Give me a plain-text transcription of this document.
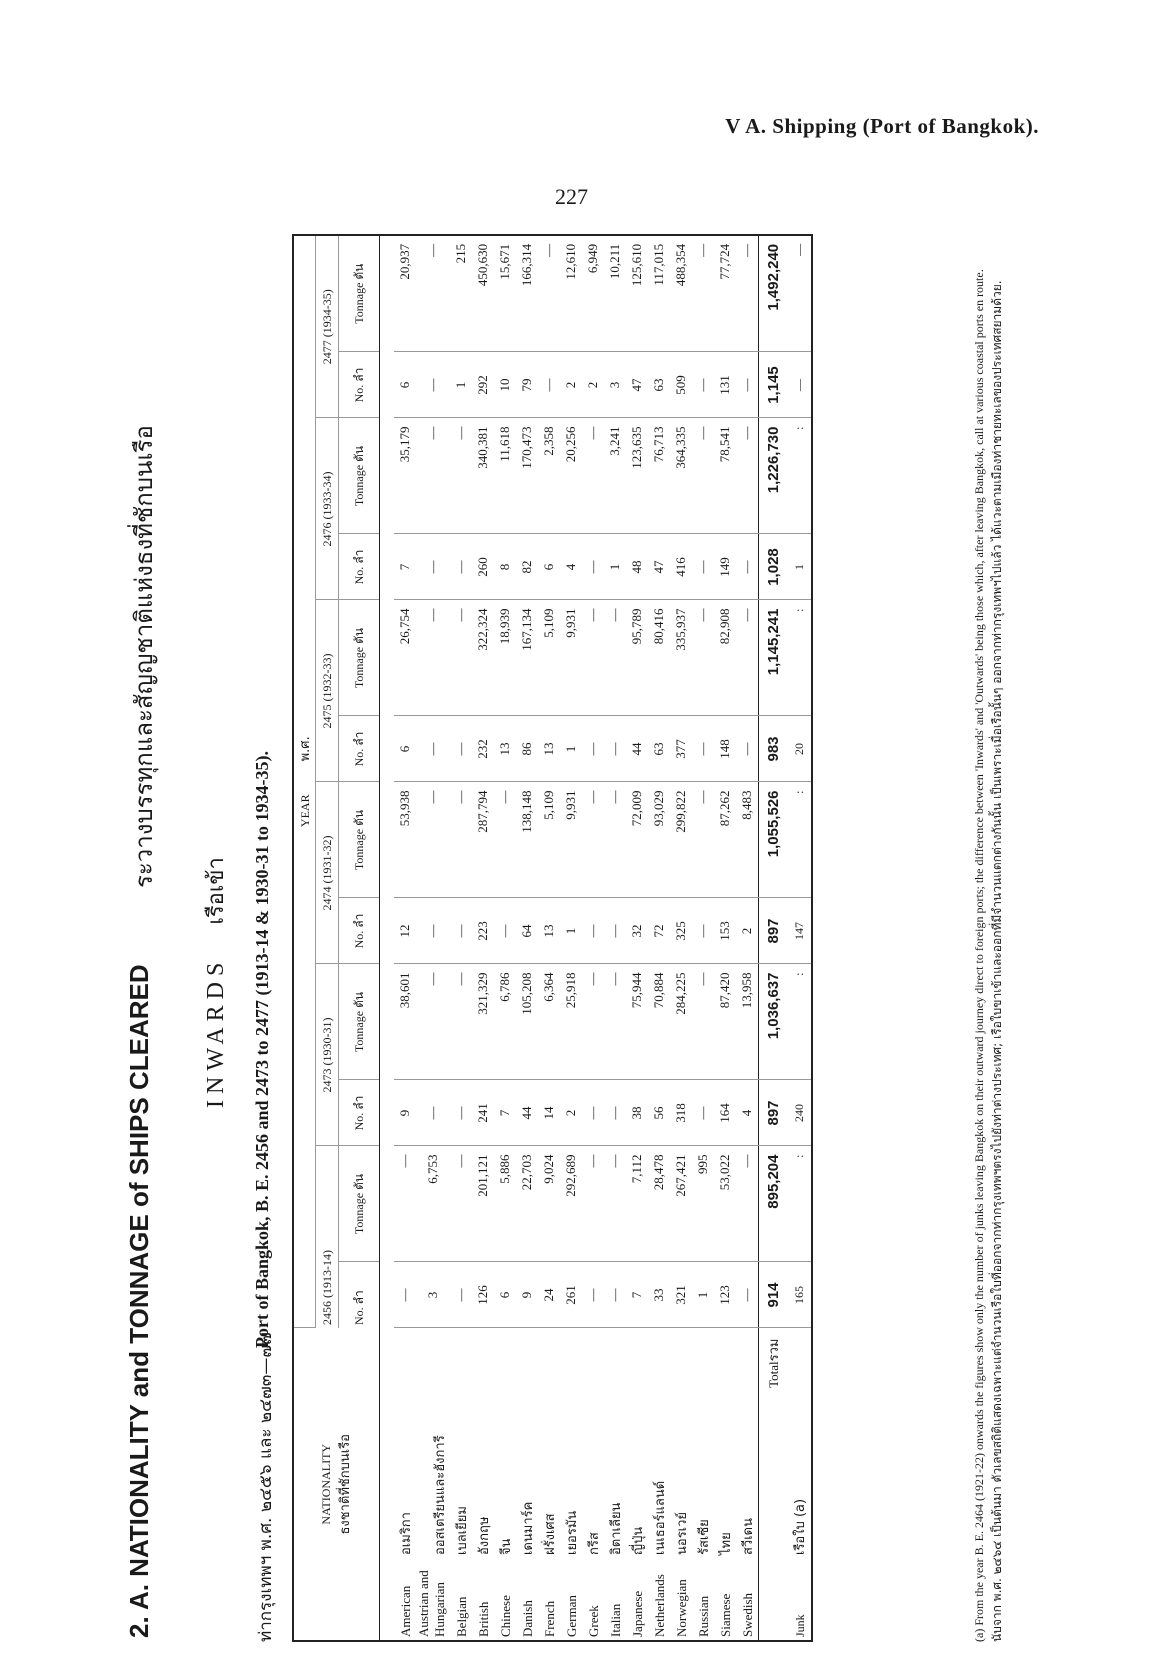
V A. Shipping (Port of Bangkok).
227
2. A. NATIONALITY and TONNAGE of SHIPS CLEARED
ระวางบรรทุกและสัญญชาติแห่งธงที่ชักบนเรือ
INWARDS เรือเข้า
ท่ากรุงเทพฯ พ.ศ. ๒๔๕๖ และ ๒๔๗๓—๗๗
Port of Bangkok, B. E. 2456 and 2473 to 2477 (1913-14 & 1930-31 to 1934-35).
NATIONALITY ธงชาติที่ชักบนเรือ	YEAR พ.ศ.											
	2456 (1913-14)		2473 (1930-31)		2474 (1931-32)		2475 (1932-33)		2476 (1933-34)		2477 (1934-35)	
	No. ลำ	Tonnage ตัน	No. ลำ	Tonnage ตัน	No. ลำ	Tonnage ตัน	No. ลำ	Tonnage ตัน	No. ลำ	Tonnage ตัน	No. ลำ	Tonnage ตัน

Americanอเมริกา	—	—	9	38,601	12	53,938	6	26,754	7	35,179	6	20,937
Austrian and Hungarianออสเตรียนและฮังการี	3	6,753	—	—	—	—	—	—	—	—	—	—
Belgianเบลเยียม	—	—	—	—	—	—	—	—	—	—	1	215
Britishอังกฤษ	126	201,121	241	321,329	223	287,794	232	322,324	260	340,381	292	450,630
Chineseจีน	6	5,886	7	6,786	—	—	13	18,939	8	11,618	10	15,671
Danishเดนมาร์ค	9	22,703	44	105,208	64	138,148	86	167,134	82	170,473	79	166,314
Frenchฝรั่งเศส	24	9,024	14	6,364	13	5,109	13	5,109	6	2,358	—	—
Germanเยอรมัน	261	292,689	2	25,918	1	9,931	1	9,931	4	20,256	2	12,610
Greekกรีส	—	—	—	—	—	—	—	—	—	—	2	6,949
Italianอิตาเลียน	—	—	—	—	—	—	—	—	1	3,241	3	10,211
Japaneseญี่ปุ่น	7	7,112	38	75,944	32	72,009	44	95,789	48	123,635	47	125,610
Netherlandsเนเธอร์แลนด์	33	28,478	56	70,884	72	93,029	63	80,416	47	76,713	63	117,015
Norwegianนอรเวย์	321	267,421	318	284,225	325	299,822	377	335,937	416	364,335	509	488,354
Russianรัสเซีย	1	995	—	—	—	—	—	—	—	—	—	—
Siameseไทย	123	53,022	164	87,420	153	87,262	148	82,908	149	78,541	131	77,724
Swedishสวีเดน	—	—	4	13,958	2	8,483	—	—	—	—	—	—
Totalรวม	914	895,204	897	1,036,637	897	1,055,526	983	1,145,241	1,028	1,226,730	1,145	1,492,240
Junkเรือใบ (a)	165	:	240	:	147	:	20	:	1	:	—	—
(a) From the year B. E. 2464 (1921-22) onwards the figures show only the number of junks leaving Bangkok on their outward journey direct to foreign ports; the difference between 'Inwards' and 'Outwards' being those which, after leaving Bangkok, call at various coastal ports en route. นับจาก พ.ศ. ๒๔๖๔ เป็นต้นมา ตัวเลขสถิติแสดงเฉพาะแต่จำนวนเรือใบที่ออกจากท่ากรุงเทพฯตรงไปยังท่าต่างประเทศ; เรือใบขาเข้าและออกที่มีจำนวนแตกต่างกันนั้น เป็นเพราะเมื่อเรือนั้นๆ ออกจากท่ากรุงเทพฯไปแล้ว ได้แวะตามเมืองท่าชายทะเลของประเทศสยามด้วย.
